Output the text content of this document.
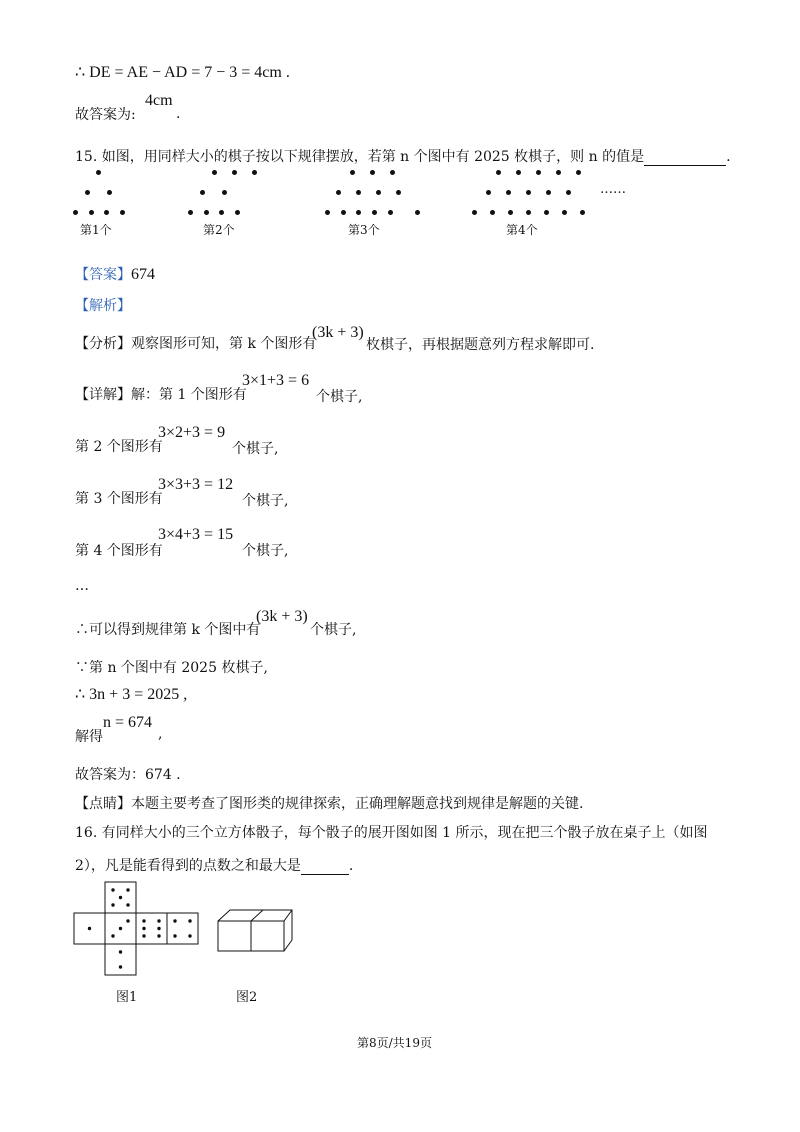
∴ DE = AE − AD = 7 − 3 = 4cm .
故答案为:
4cm
.
15. 如图，用同样大小的棋子按以下规律摆放，若第 n 个图中有 2025 枚棋子，则 n 的值是	.
……
第1个	第2个	第3个	第4个
【答案】674
【解析】
【分析】观察图形可知，第 k 个图形有
(3k + 3)
枚棋子，再根据题意列方程求解即可.
【详解】解：第 1 个图形有
3×1+3 = 6
个棋子,
第 2 个图形有
3×2+3 = 9
个棋子,
第 3 个图形有
3×3+3 = 12
个棋子,
第 4 个图形有
3×4+3 = 15
个棋子,
…
∴可以得到规律第 k 个图中有
(3k + 3)
个棋子,
∵第 n 个图中有 2025 枚棋子,
∴ 3n + 3 = 2025 ,
解得
n = 674
,
故答案为：674 .
【点睛】本题主要考查了图形类的规律探索，正确理解题意找到规律是解题的关键.
16. 有同样大小的三个立方体骰子，每个骰子的展开图如图 1 所示，现在把三个骰子放在桌子上（如图
2），凡是能看得到的点数之和最大是	.
图1	图2
第8页/共19页
